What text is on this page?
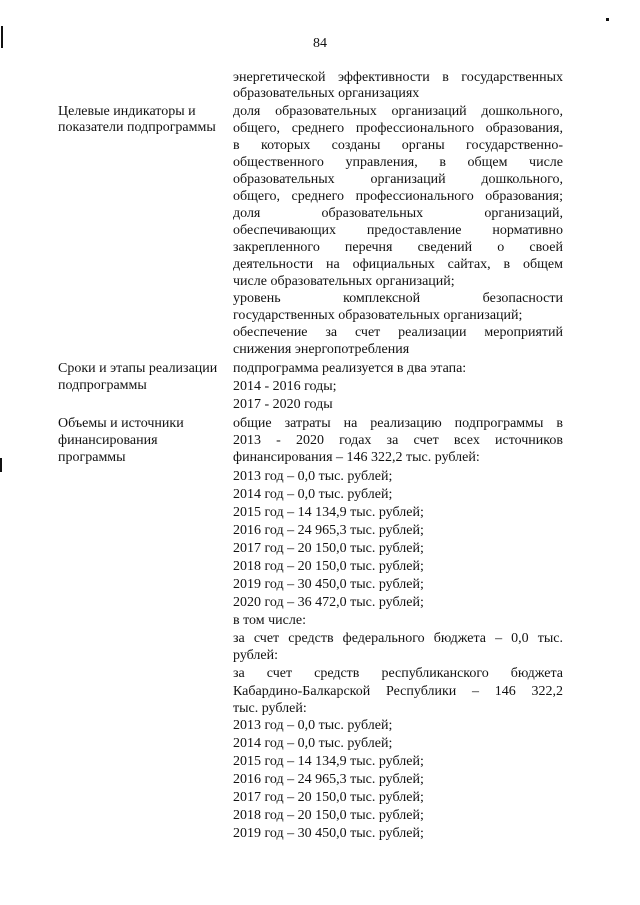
84
энергетической эффективности в государственных
образовательных организациях
Целевые индикаторы и
показатели подпрограммы
доля образовательных организаций дошкольного,
общего, среднего профессионального образования,
в которых созданы органы государственно-
общественного управления, в общем числе
образовательных организаций дошкольного,
общего, среднего профессионального образования;
доля образовательных организаций,
обеспечивающих предоставление нормативно
закрепленного перечня сведений о своей
деятельности на официальных сайтах, в общем
числе образовательных организаций;
уровень комплексной безопасности
государственных образовательных организаций;
обеспечение за счет реализации мероприятий
снижения энергопотребления
Сроки и этапы реализации
подпрограммы
подпрограмма реализуется в два этапа:
2014 - 2016 годы;
2017 - 2020 годы
Объемы и источники
финансирования
программы
общие затраты на реализацию подпрограммы в
2013 - 2020 годах за счет всех источников
финансирования – 146 322,2 тыс. рублей:
2013 год – 0,0 тыс. рублей;
2014 год – 0,0 тыс. рублей;
2015 год – 14 134,9 тыс. рублей;
2016 год – 24 965,3 тыс. рублей;
2017 год – 20 150,0 тыс. рублей;
2018 год – 20 150,0 тыс. рублей;
2019 год – 30 450,0 тыс. рублей;
2020 год – 36 472,0 тыс. рублей;
в том числе:
за счет средств федерального бюджета – 0,0 тыс.
рублей:
за счет средств республиканского бюджета
Кабардино-Балкарской Республики – 146 322,2
тыс. рублей:
2013 год – 0,0 тыс. рублей;
2014 год – 0,0 тыс. рублей;
2015 год – 14 134,9 тыс. рублей;
2016 год – 24 965,3 тыс. рублей;
2017 год – 20 150,0 тыс. рублей;
2018 год – 20 150,0 тыс. рублей;
2019 год – 30 450,0 тыс. рублей;
